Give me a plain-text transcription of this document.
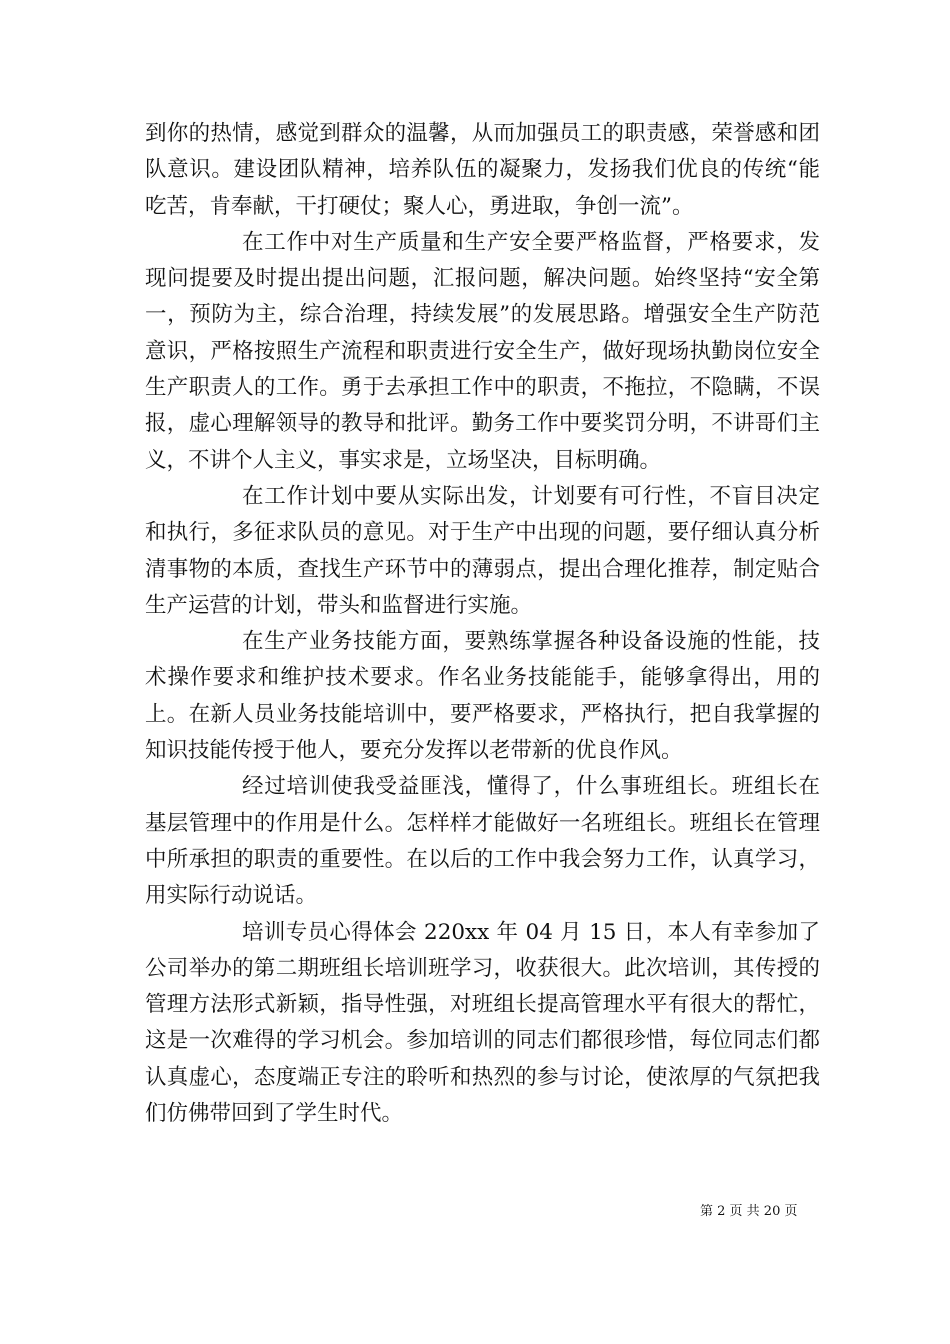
到你的热情，感觉到群众的温馨，从而加强员工的职责感，荣誉感和团队意识。建设团队精神，培养队伍的凝聚力，发扬我们优良的传统“能吃苦，肯奉献，干打硬仗；聚人心，勇进取，争创一流”。

在工作中对生产质量和生产安全要严格监督，严格要求，发现问提要及时提出提出问题，汇报问题，解决问题。始终坚持“安全第一，预防为主，综合治理，持续发展”的发展思路。增强安全生产防范意识，严格按照生产流程和职责进行安全生产，做好现场执勤岗位安全生产职责人的工作。勇于去承担工作中的职责，不拖拉，不隐瞒，不误报，虚心理解领导的教导和批评。勤务工作中要奖罚分明，不讲哥们主义，不讲个人主义，事实求是，立场坚决，目标明确。

在工作计划中要从实际出发，计划要有可行性，不盲目决定和执行，多征求队员的意见。对于生产中出现的问题，要仔细认真分析清事物的本质，查找生产环节中的薄弱点，提出合理化推荐，制定贴合生产运营的计划，带头和监督进行实施。

在生产业务技能方面，要熟练掌握各种设备设施的性能，技术操作要求和维护技术要求。作名业务技能能手，能够拿得出，用的上。在新人员业务技能培训中，要严格要求，严格执行，把自我掌握的知识技能传授于他人，要充分发挥以老带新的优良作风。

经过培训使我受益匪浅，懂得了，什么事班组长。班组长在基层管理中的作用是什么。怎样样才能做好一名班组长。班组长在管理中所承担的职责的重要性。在以后的工作中我会努力工作，认真学习，用实际行动说话。

培训专员心得体会 220xx 年 04 月 15 日，本人有幸参加了公司举办的第二期班组长培训班学习，收获很大。此次培训，其传授的管理方法形式新颖，指导性强，对班组长提高管理水平有很大的帮忙，这是一次难得的学习机会。参加培训的同志们都很珍惜，每位同志们都认真虚心，态度端正专注的聆听和热烈的参与讨论，使浓厚的气氛把我们仿佛带回到了学生时代。

第 2 页 共 20 页
